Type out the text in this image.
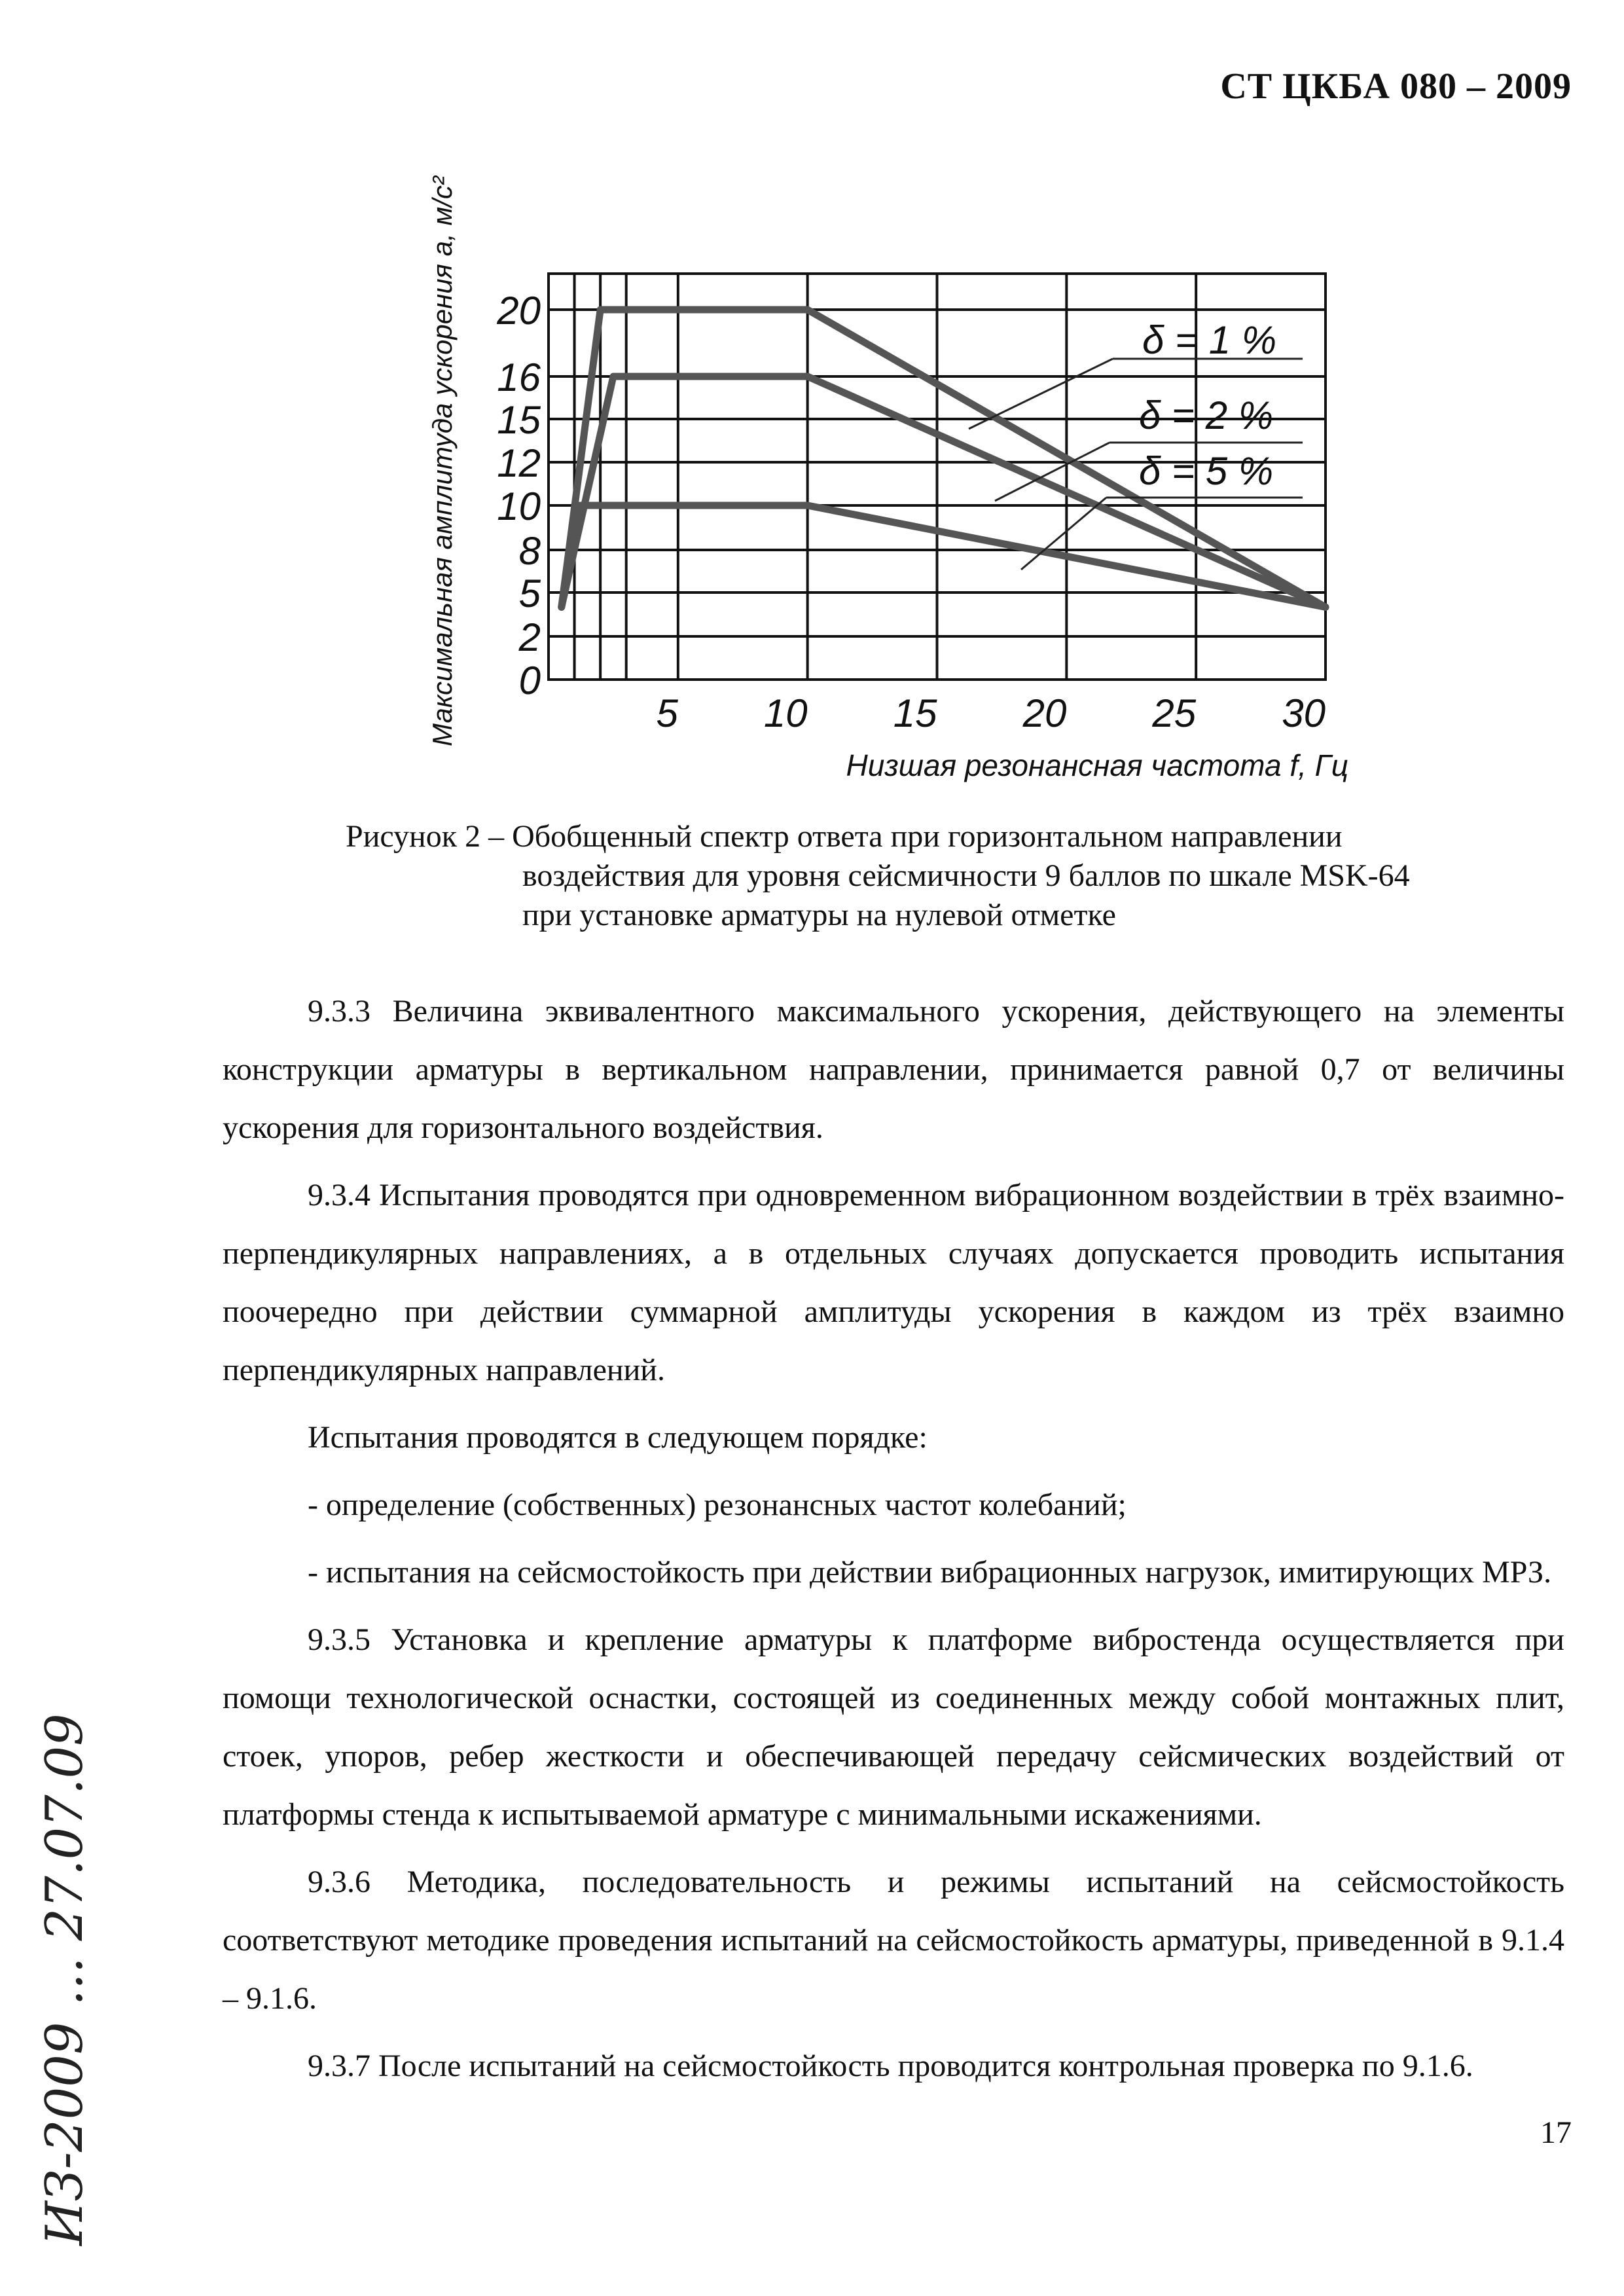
СТ ЦКБА 080 – 2009
0
2
5
8
10
12
15
16
20
5 10 15 20 25 30
δ = 1 %
δ = 2 %
δ = 5 %
Максимальная амплитуда ускорения a, м/с²
Низшая резонансная частота f, Гц
Рисунок 2 – Обобщенный спектр ответа при горизонтальном направлении
воздействия для уровня сейсмичности 9 баллов по шкале MSK-64
при установке арматуры на нулевой отметке

9.3.3 Величина эквивалентного максимального ускорения, действующего на элементы конструкции арматуры в вертикальном направлении, принимается равной 0,7 от величины ускорения для горизонтального воздействия.

9.3.4 Испытания проводятся при одновременном вибрационном воздействии в трёх взаимно-перпендикулярных направлениях, а в отдельных случаях допускается проводить испытания поочередно при действии суммарной амплитуды ускорения в каждом из трёх взаимно перпендикулярных направлений.

Испытания проводятся в следующем порядке:

- определение (собственных) резонансных частот колебаний;

- испытания на сейсмостойкость при действии вибрационных нагрузок, имитирующих МРЗ.

9.3.5 Установка и крепление арматуры к платформе вибростенда осуществляется при помощи технологической оснастки, состоящей из соединенных между собой монтажных плит, стоек, упоров, ребер жесткости и обеспечивающей передачу сейсмических воздействий от платформы стенда к испытываемой арматуре с минимальными искажениями.

9.3.6 Методика, последовательность и режимы испытаний на сейсмостойкость соответствуют методике проведения испытаний на сейсмостойкость арматуры, приведенной в 9.1.4 – 9.1.6.

9.3.7 После испытаний на сейсмостойкость проводится контрольная проверка по 9.1.6.

ИЗ-2009 ... 27.07.09	17
